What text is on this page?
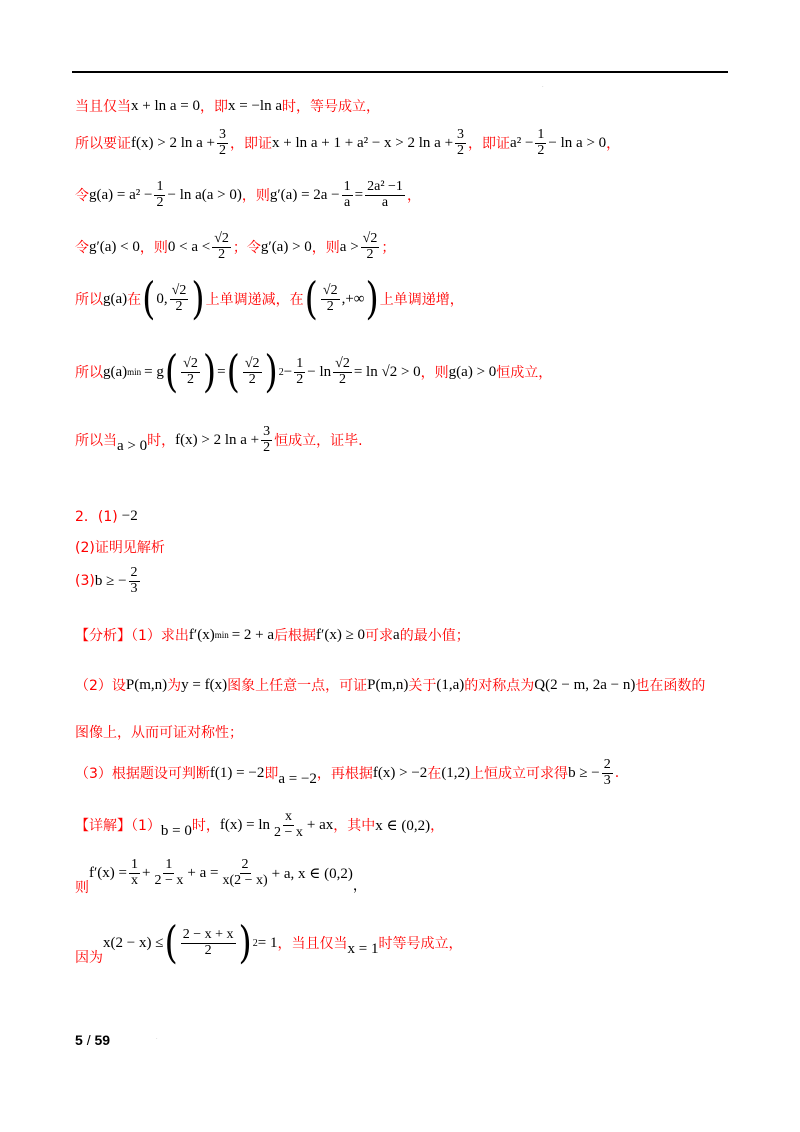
·
当且仅当 x + ln a = 0 ，即 x = −ln a 时，等号成立，
所以要证 f(x) > 2 $\ln a + \frac{3}{2}$ ，即证 x + ln a + 1 + a² − x > 2 $\ln a + \frac{3}{2}$ ，即证 $a^2 - \frac{1}{2} - \ln a > 0$ ，
令 $g(a) = a^2 - \frac{1}{2} - \ln a(a > 0)$ ，则 $g'(a) = 2a - \frac{1}{a} = \frac{\text{2a² −1}}{a}$ ，
令 g′(a) < 0 ，则 $0 < a < \frac{√2}{2}$ ；令 g′(a) > 0 ，则 $a > \frac{√2}{2}$ ；
所以 g(a) 在 ( 0, $\frac{√2}{2}$ ) 上单调递减，在 ( $\frac{√2}{2}$ ,+∞ ) 上单调递增，
所以 g(a) min = g ( $\frac{√2}{2}$ ) = ( $\frac{√2}{2}$ ) $2 - \frac{1}{2} - \ln \frac{√2}{2} = \ln √2 > 0$ ，则 g(a) > 0 恒成立，
所以当 a > 0 时， f(x) > 2 $\ln a + \frac{3}{2}$ 恒成立，证毕.
2．(1) −2
(2)证明见解析
(3) b ≥ − $\frac{2}{3}$
【分析】（1）求出 f′(x) min = 2 + a 后根据 f′(x) ≥ 0 可求 a 的最小值；
（2）设 P(m,n) 为 y = f(x) 图象上任意一点，可证 P(m,n) 关于 (1,a) 的对称点为 Q(2 − m, 2a − n) 也在函数的
图像上，从而可证对称性；
（3）根据题设可判断 f(1) = −2 即 a = −2 ，再根据 f(x) > −2 在 (1,2) 上恒成立可求得 b ≥ − $\frac{2}{3}$ .
【详解】（1） b = 0 时， $f(x) = \ln \frac{x}{2 - x}$ + ax ，其中 x ∈ (0,2) ，
则
$f'(x) = \frac{1}{x} + \frac{1}{2 - x} + a = \frac{2}{x(2 - x)} + a$, x ∈ (0,2)
，
因为
x(2 − x) ≤ ( $\frac{2 - x + x}{2}$ ) 2 = 1 ，当且仅当 x = 1 时等号成立，
5 / 59	·
